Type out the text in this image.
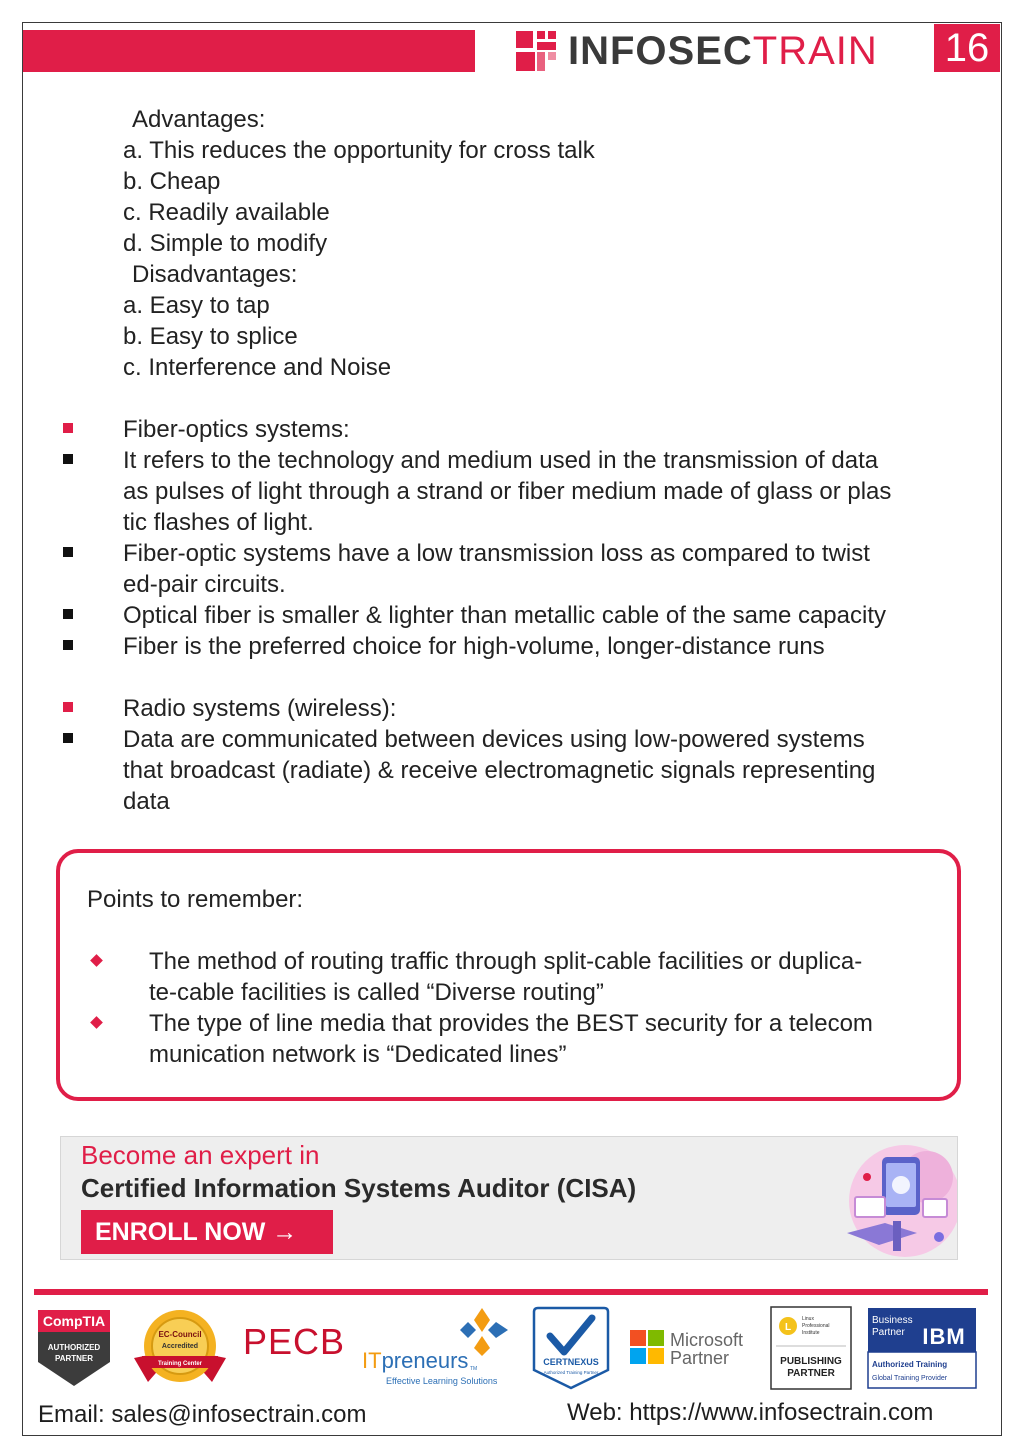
INFOSECTRAIN 16
Advantages:
a. This reduces the opportunity for cross talk
b. Cheap
c. Readily available
d. Simple to modify
Disadvantages:
a. Easy to tap
b. Easy to splice
c. Interference and Noise
Fiber-optics systems:
It refers to the technology and medium used in the transmission of data
as pulses of light through a strand or fiber medium made of glass or plas
tic flashes of light.
Fiber-optic systems have a low transmission loss as compared to twist
ed-pair circuits.
Optical fiber is smaller & lighter than metallic cable of the same capacity
Fiber is the preferred choice for high-volume, longer-distance runs
Radio systems (wireless):
Data are communicated between devices using low-powered systems
that broadcast (radiate) & receive electromagnetic signals representing
data
Points to remember:
The method of routing traffic through split-cable facilities or duplica-
te-cable facilities is called “Diverse routing”
The type of line media that provides the BEST security for a telecom
munication network is “Dedicated lines”
Become an expert in
Certified Information Systems Auditor (CISA)
ENROLL NOW →
CompTIA
AUTHORIZED
PARTNER
EC-Council
Accredited
Training Center
PECB ITpreneurs TM
Effective Learning Solutions
CERTNEXUS
Authorized Training Partner
Microsoft
Partner
L
Linux
Professional
Institute
PUBLISHING
PARTNER
Business
Partner IBM
Authorized Training
Global Training Provider
Email: sales@infosectrain.com	Web: https://www.infosectrain.com
